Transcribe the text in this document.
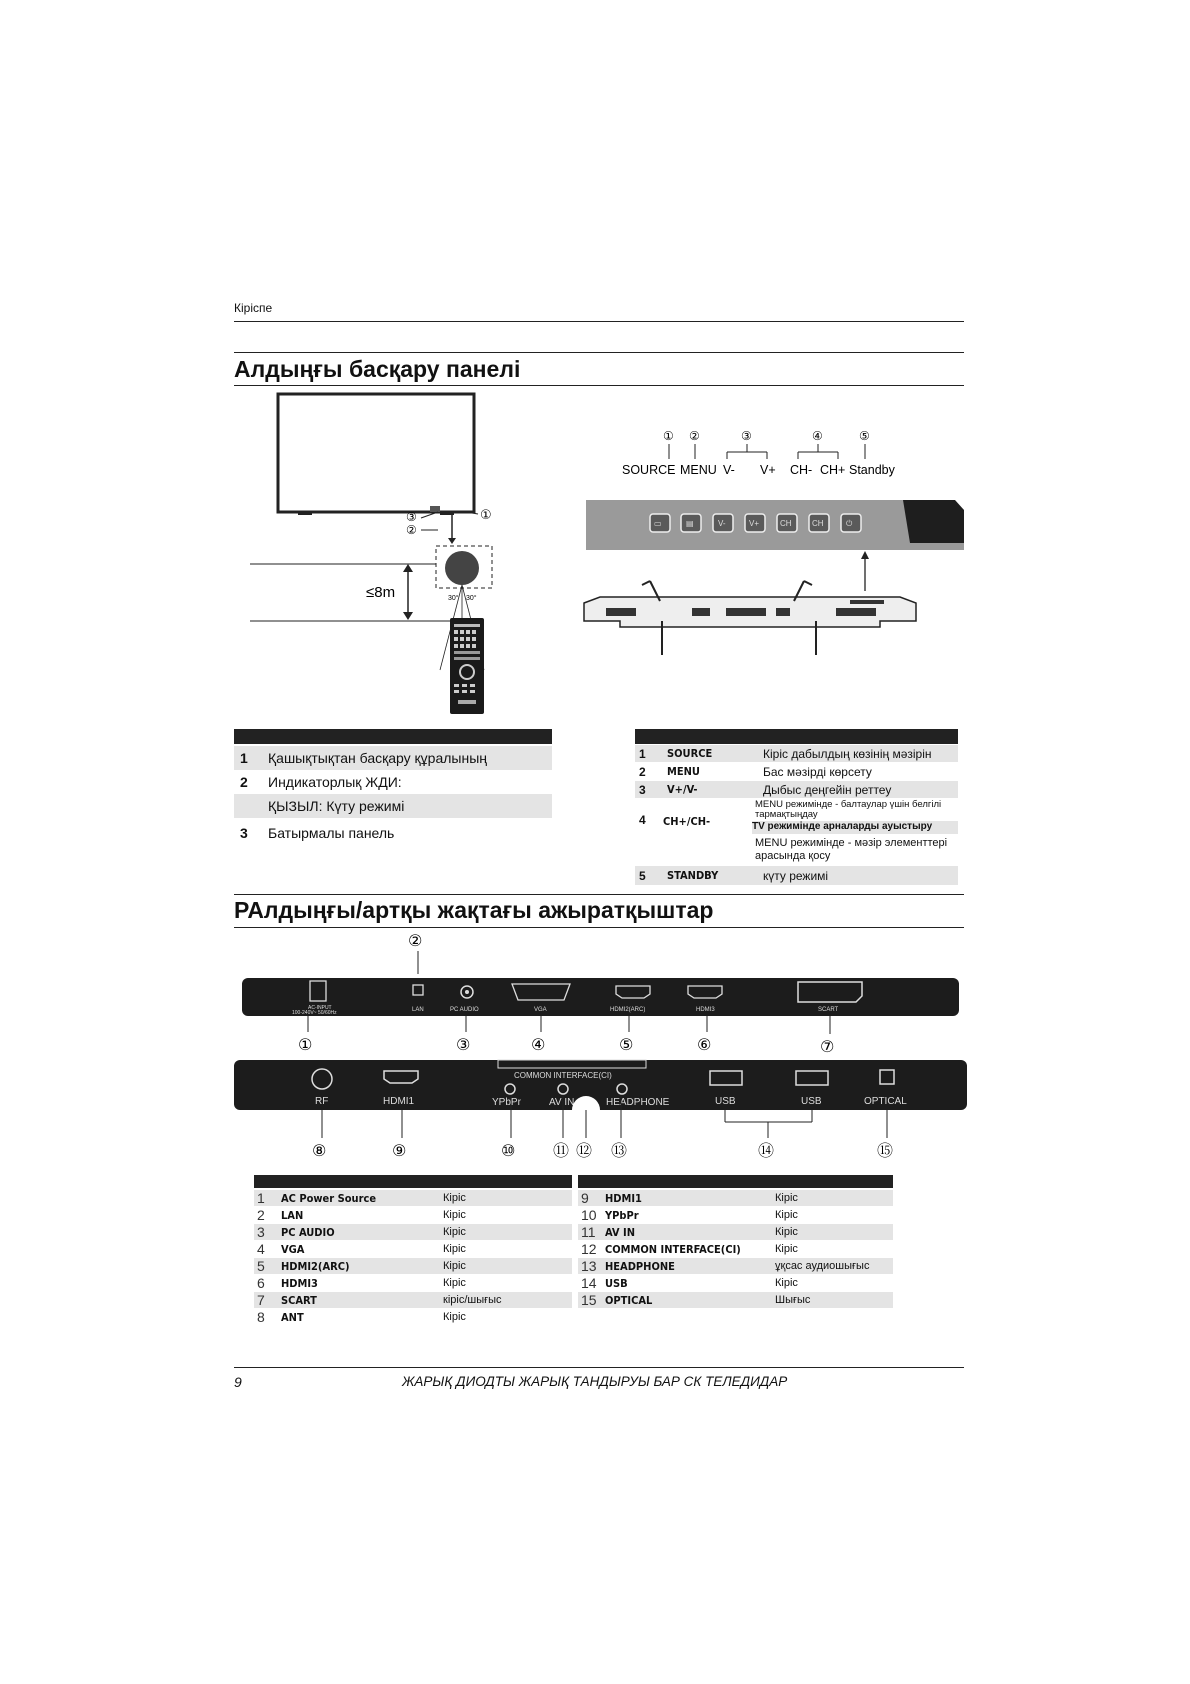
Кіріспе
Алдыңғы басқару панелі
③
②
①
≤8m	30° 30°
① ②	③	④	⑤
SOURCE MENU V- V+ CH- CH+ Standby
▭	▤	V-	V+	CH	CH	⏻
1	Қашықтықтан басқару құралының
2	Индикаторлық ЖДИ:
ҚЫЗЫЛ: Күту режимі
3	Батырмалы панель
1	SOURCE	Кіріс дабылдың көзінің мәзірін
2	MENU	Бас мәзірді көрсету
3	V+/V-	Дыбыс деңгейін реттеу
4	CH+/CH-
MENU режимінде - балтаулар үшін белгілі тармақтыңдау
TV режимінде арналарды ауыстыру
MENU режимінде - мәзір элементтері арасында қосу
5	STANDBY	күту режимі
РАлдыңғы/артқы жақтағы ажыратқыштар
②
AC-INPUT
100-240V~ 50/60Hz	LAN	PC AUDIO	VGA	HDMI2(ARC)	HDMI3	SCART
①	③	④	⑤	⑥	⑦
COMMON INTERFACE(CI)
RF	HDMI1	YPbPr	AV IN	HEADPHONE	USB	USB	OPTICAL
⑧	⑨	⑩ ⑪ ⑫ ⑬	⑭	⑮
1	AC Power Source	Кіріс
2	LAN	Кіріс
3	PC AUDIO	Кіріс
4	VGA	Кіріс
5	HDMI2(ARC)	Кіріс
6	HDMI3	Кіріс
7	SCART	кіріс/шығыс
8	ANT	Кіріс
9	HDMI1	Кіріс
10 YPbPr	Кіріс
11 AV IN	Кіріс
12 COMMON INTERFACE(CI)	Кіріс
13 HEADPHONE	ұқсас аудиошығыс
14 USB	Кіріс
15 OPTICAL	Шығыс
9	ЖАРЫҚ ДИОДТЫ ЖАРЫҚ ТАНДЫРУЫ БАР СК ТЕЛЕДИДАР
